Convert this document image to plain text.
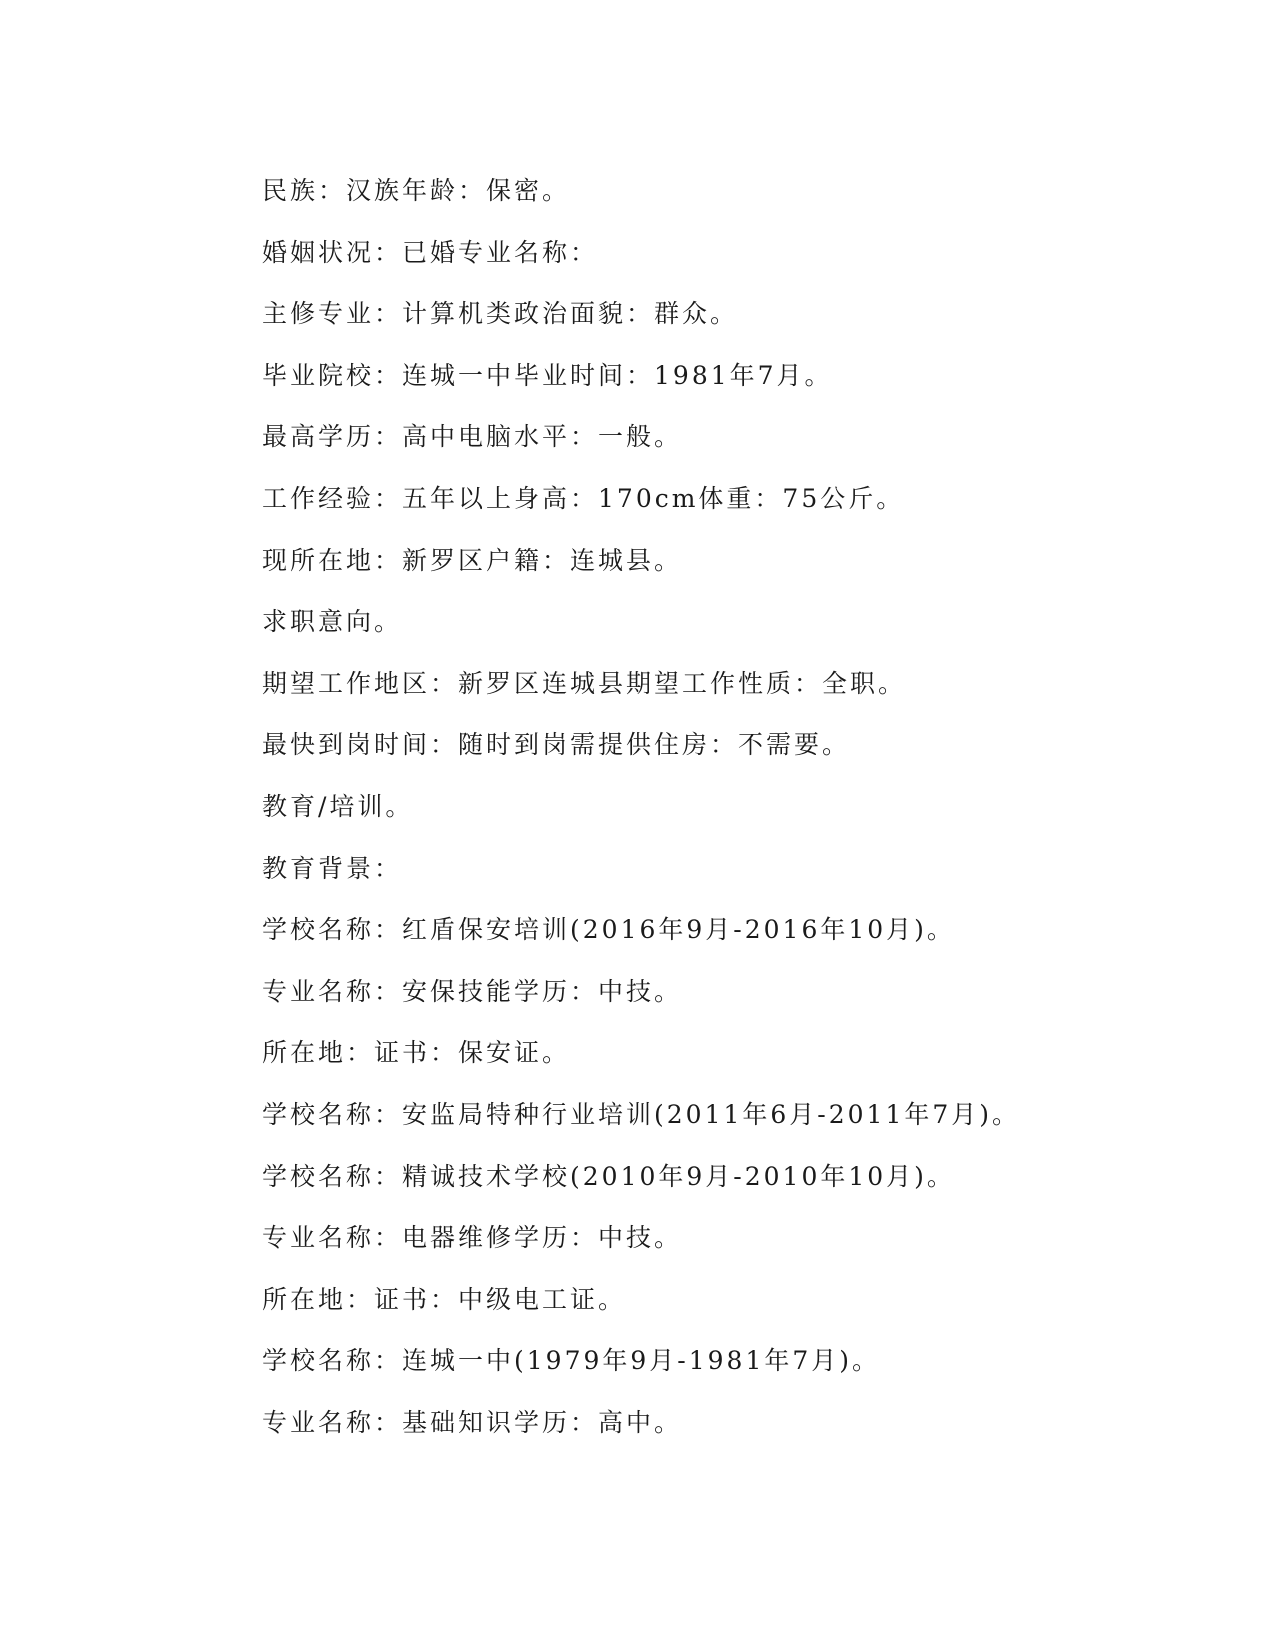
民族：汉族年龄：保密。
婚姻状况：已婚专业名称：
主修专业：计算机类政治面貌：群众。
毕业院校：连城一中毕业时间：1981年7月。
最高学历：高中电脑水平：一般。
工作经验：五年以上身高：170cm体重：75公斤。
现所在地：新罗区户籍：连城县。
求职意向。
期望工作地区：新罗区连城县期望工作性质：全职。
最快到岗时间：随时到岗需提供住房：不需要。
教育/培训。
教育背景：
学校名称：红盾保安培训(2016年9月-2016年10月)。
专业名称：安保技能学历：中技。
所在地：证书：保安证。
学校名称：安监局特种行业培训(2011年6月-2011年7月)。
学校名称：精诚技术学校(2010年9月-2010年10月)。
专业名称：电器维修学历：中技。
所在地：证书：中级电工证。
学校名称：连城一中(1979年9月-1981年7月)。
专业名称：基础知识学历：高中。
